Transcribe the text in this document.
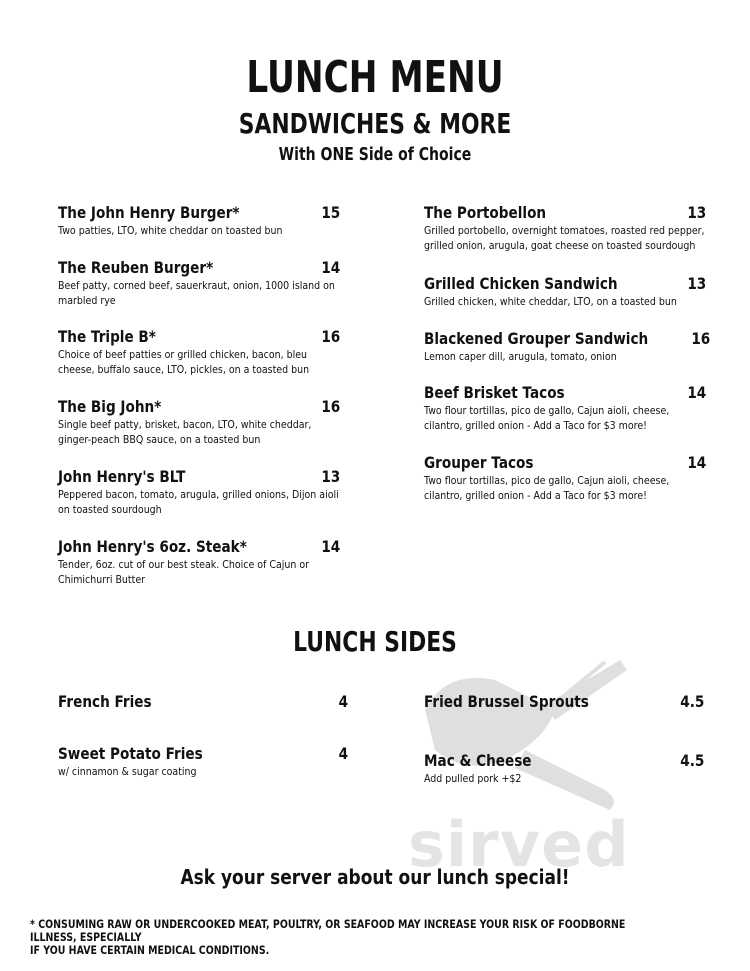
sirved
LUNCH MENU
SANDWICHES & MORE
With ONE Side of Choice
The John Henry Burger*	15
Two patties, LTO, white cheddar on toasted bun
The Reuben Burger*	14
Beef patty, corned beef, sauerkraut, onion, 1000 island on marbled rye
The Triple B*	16
Choice of beef patties or grilled chicken, bacon, bleu cheese, buffalo sauce, LTO, pickles, on a toasted bun
The Big John*	16
Single beef patty, brisket, bacon, LTO, white cheddar, ginger-peach BBQ sauce, on a toasted bun
John Henry's BLT	13
Peppered bacon, tomato, arugula, grilled onions, Dijon aioli on toasted sourdough
John Henry's 6oz. Steak*	14
Tender, 6oz. cut of our best steak. Choice of Cajun or Chimichurri Butter
The Portobellon	13
Grilled portobello, overnight tomatoes, roasted red pepper, grilled onion, arugula, goat cheese on toasted sourdough
Grilled Chicken Sandwich	13
Grilled chicken, white cheddar, LTO, on a toasted bun
Blackened Grouper Sandwich	16
Lemon caper dill, arugula, tomato, onion
Beef Brisket Tacos	14
Two flour tortillas, pico de gallo, Cajun aioli, cheese, cilantro, grilled onion - Add a Taco for $3 more!
Grouper Tacos	14
Two flour tortillas, pico de gallo, Cajun aioli, cheese, cilantro, grilled onion - Add a Taco for $3 more!
LUNCH SIDES
French Fries	4
Sweet Potato Fries	4
w/ cinnamon & sugar coating
Fried Brussel Sprouts	4.5
Mac & Cheese	4.5
Add pulled pork +$2
Ask your server about our lunch special!
* CONSUMING RAW OR UNDERCOOKED MEAT, POULTRY, OR SEAFOOD MAY INCREASE YOUR RISK OF FOODBORNE ILLNESS, ESPECIALLY
IF YOU HAVE CERTAIN MEDICAL CONDITIONS.
